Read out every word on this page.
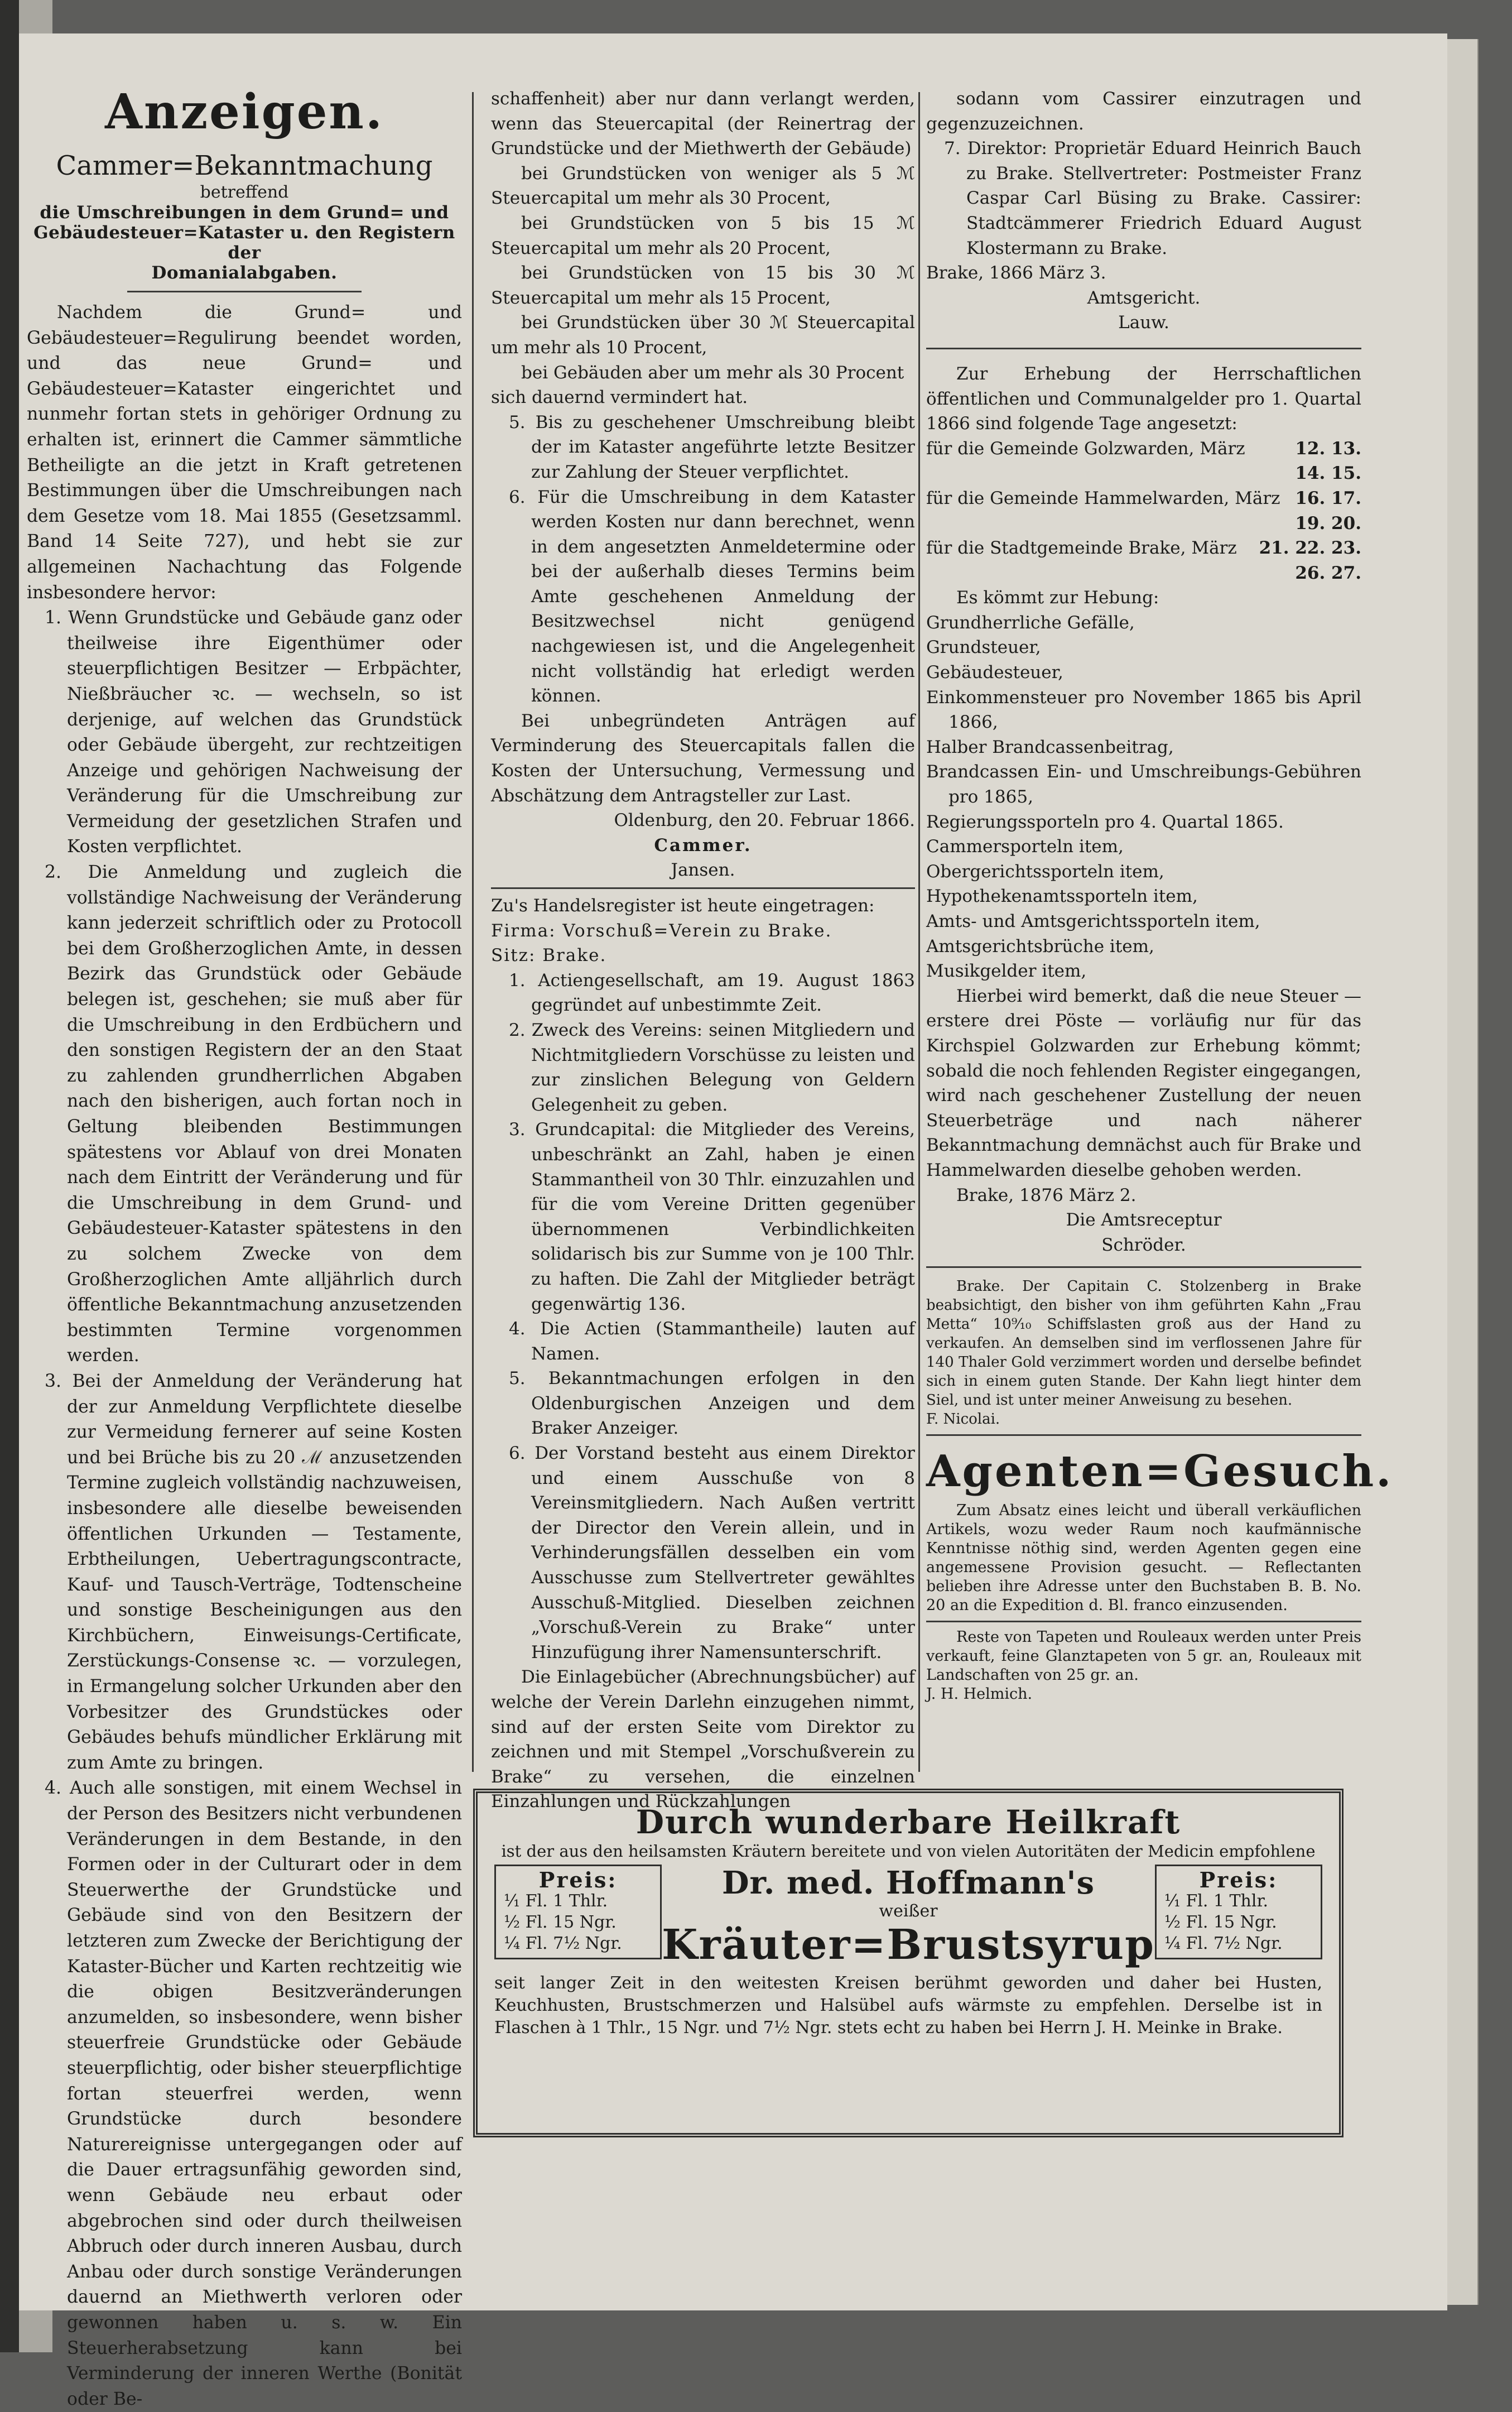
Anzeigen.
Cammer=Bekanntmachung
betreffend
die Umschreibungen in dem Grund= und
Gebäudesteuer=Kataster u. den Registern der
Domanialabgaben.

Nachdem die Grund= und Gebäudesteuer=Regulirung beendet worden, und das neue Grund= und Gebäudesteuer=Kataster eingerichtet und nunmehr fortan stets in gehöriger Ordnung zu erhalten ist, erinnert die Cammer sämmtliche Betheiligte an die jetzt in Kraft getretenen Bestimmungen über die Umschreibungen nach dem Gesetze vom 18. Mai 1855 (Gesetzsamml. Band 14 Seite 727), und hebt sie zur allgemeinen Nachachtung das Folgende insbesondere hervor:

1. Wenn Grundstücke und Gebäude ganz oder theilweise ihre Eigenthümer oder steuerpflichtigen Besitzer — Erbpächter, Nießbräucher ꝛc. — wechseln, so ist derjenige, auf welchen das Grundstück oder Gebäude übergeht, zur rechtzeitigen Anzeige und gehörigen Nachweisung der Veränderung für die Umschreibung zur Vermeidung der gesetzlichen Strafen und Kosten verpflichtet.

2. Die Anmeldung und zugleich die vollständige Nachweisung der Veränderung kann jederzeit schriftlich oder zu Protocoll bei dem Großherzoglichen Amte, in dessen Bezirk das Grundstück oder Gebäude belegen ist, geschehen; sie muß aber für die Umschreibung in den Erdbüchern und den sonstigen Registern der an den Staat zu zahlenden grundherrlichen Abgaben nach den bisherigen, auch fortan noch in Geltung bleibenden Bestimmungen spätestens vor Ablauf von drei Monaten nach dem Eintritt der Veränderung und für die Umschreibung in dem Grund- und Gebäudesteuer-Kataster spätestens in den zu solchem Zwecke von dem Großherzoglichen Amte alljährlich durch öffentliche Bekanntmachung anzusetzenden bestimmten Termine vorgenommen werden.

3. Bei der Anmeldung der Veränderung hat der zur Anmeldung Verpflichtete dieselbe zur Vermeidung fernerer auf seine Kosten und bei Brüche bis zu 20 ℳ anzusetzenden Termine zugleich vollständig nachzuweisen, insbesondere alle dieselbe beweisenden öffentlichen Urkunden — Testamente, Erbtheilungen, Uebertragungscontracte, Kauf- und Tausch-Verträge, Todtenscheine und sonstige Bescheinigungen aus den Kirchbüchern, Einweisungs-Certificate, Zerstückungs-Consense ꝛc. — vorzulegen, in Ermangelung solcher Urkunden aber den Vorbesitzer des Grundstückes oder Gebäudes behufs mündlicher Erklärung mit zum Amte zu bringen.

4. Auch alle sonstigen, mit einem Wechsel in der Person des Besitzers nicht verbundenen Veränderungen in dem Bestande, in den Formen oder in der Culturart oder in dem Steuerwerthe der Grundstücke und Gebäude sind von den Besitzern der letzteren zum Zwecke der Berichtigung der Kataster-Bücher und Karten rechtzeitig wie die obigen Besitzveränderungen anzumelden, so insbesondere, wenn bisher steuerfreie Grundstücke oder Gebäude steuerpflichtig, oder bisher steuerpflichtige fortan steuerfrei werden, wenn Grundstücke durch besondere Naturereignisse untergegangen oder auf die Dauer ertragsunfähig geworden sind, wenn Gebäude neu erbaut oder abgebrochen sind oder durch theilweisen Abbruch oder durch inneren Ausbau, durch Anbau oder durch sonstige Veränderungen dauernd an Miethwerth verloren oder gewonnen haben u. s. w. Ein Steuerherabsetzung kann bei Verminderung der inneren Werthe (Bonität oder Be-

schaffenheit) aber nur dann verlangt werden, wenn das Steuercapital (der Reinertrag der Grundstücke und der Miethwerth der Gebäude)

bei Grundstücken von weniger als 5 ℳ Steuercapital um mehr als 30 Procent,

bei Grundstücken von 5 bis 15 ℳ Steuercapital um mehr als 20 Procent,

bei Grundstücken von 15 bis 30 ℳ Steuercapital um mehr als 15 Procent,

bei Grundstücken über 30 ℳ Steuercapital um mehr als 10 Procent,

bei Gebäuden aber um mehr als 30 Procent

sich dauernd vermindert hat.

5. Bis zu geschehener Umschreibung bleibt der im Kataster angeführte letzte Besitzer zur Zahlung der Steuer verpflichtet.

6. Für die Umschreibung in dem Kataster werden Kosten nur dann berechnet, wenn in dem angesetzten Anmeldetermine oder bei der außerhalb dieses Termins beim Amte geschehenen Anmeldung der Besitzwechsel nicht genügend nachgewiesen ist, und die Angelegenheit nicht vollständig hat erledigt werden können.

Bei unbegründeten Anträgen auf Verminderung des Steuercapitals fallen die Kosten der Untersuchung, Vermessung und Abschätzung dem Antragsteller zur Last.

Oldenburg, den 20. Februar 1866.

Cammer.

Jansen.

Zu's Handelsregister ist heute eingetragen:

Firma: Vorschuß=Verein zu Brake.

Sitz: Brake.

1. Actiengesellschaft, am 19. August 1863 gegründet auf unbestimmte Zeit.

2. Zweck des Vereins: seinen Mitgliedern und Nichtmitgliedern Vorschüsse zu leisten und zur zinslichen Belegung von Geldern Gelegenheit zu geben.

3. Grundcapital: die Mitglieder des Vereins, unbeschränkt an Zahl, haben je einen Stammantheil von 30 Thlr. einzuzahlen und für die vom Vereine Dritten gegenüber übernommenen Verbindlichkeiten solidarisch bis zur Summe von je 100 Thlr. zu haften. Die Zahl der Mitglieder beträgt gegenwärtig 136.

4. Die Actien (Stammantheile) lauten auf Namen.

5. Bekanntmachungen erfolgen in den Oldenburgischen Anzeigen und dem Braker Anzeiger.

6. Der Vorstand besteht aus einem Direktor und einem Ausschuße von 8 Vereinsmitgliedern. Nach Außen vertritt der Director den Verein allein, und in Verhinderungsfällen desselben ein vom Ausschusse zum Stellvertreter gewähltes Ausschuß-Mitglied. Dieselben zeichnen „Vorschuß-Verein zu Brake“ unter Hinzufügung ihrer Namensunterschrift.

Die Einlagebücher (Abrechnungsbücher) auf welche der Verein Darlehn einzugehen nimmt, sind auf der ersten Seite vom Direktor zu zeichnen und mit Stempel „Vorschußverein zu Brake“ zu versehen, die einzelnen Einzahlungen und Rückzahlungen

sodann vom Cassirer einzutragen und gegenzuzeichnen.

7. Direktor: Proprietär Eduard Heinrich Bauch zu Brake. Stellvertreter: Postmeister Franz Caspar Carl Büsing zu Brake. Cassirer: Stadtcämmerer Friedrich Eduard August Klostermann zu Brake.

Brake, 1866 März 3.

Amtsgericht.

Lauw.

Zur Erhebung der Herrschaftlichen öffentlichen und Communalgelder pro 1. Quartal 1866 sind folgende Tage angesetzt:

für die Gemeinde Golzwarden, März	12. 13.
14. 15.
für die Gemeinde Hammelwarden, März 16. 17.
19. 20.
für die Stadtgemeinde Brake, März 21. 22. 23.
26. 27.

Es kömmt zur Hebung:

Grundherrliche Gefälle,

Grundsteuer,

Gebäudesteuer,

Einkommensteuer pro November 1865 bis April 1866,

Halber Brandcassenbeitrag,

Brandcassen Ein- und Umschreibungs-Gebühren pro 1865,

Regierungssporteln pro 4. Quartal 1865.

Cammersporteln item,

Obergerichtssporteln item,

Hypothekenamtssporteln item,

Amts- und Amtsgerichtssporteln item,

Amtsgerichtsbrüche item,

Musikgelder item,

Hierbei wird bemerkt, daß die neue Steuer — erstere drei Pöste — vorläufig nur für das Kirchspiel Golzwarden zur Erhebung kömmt; sobald die noch fehlenden Register eingegangen, wird nach geschehener Zustellung der neuen Steuerbeträge und nach näherer Bekanntmachung demnächst auch für Brake und Hammelwarden dieselbe gehoben werden.

Brake, 1876 März 2.

Die Amtsreceptur

Schröder.

Brake. Der Capitain C. Stolzenberg in Brake beabsichtigt, den bisher von ihm geführten Kahn „Frau Metta“ 10⁹⁄₁₀ Schiffslasten groß aus der Hand zu verkaufen. An demselben sind im verflossenen Jahre für 140 Thaler Gold verzimmert worden und derselbe befindet sich in einem guten Stande. Der Kahn liegt hinter dem Siel, und ist unter meiner Anweisung zu besehen.

F. Nicolai.

Agenten=Gesuch.

Zum Absatz eines leicht und überall verkäuflichen Artikels, wozu weder Raum noch kaufmännische Kenntnisse nöthig sind, werden Agenten gegen eine angemessene Provision gesucht. — Reflectanten belieben ihre Adresse unter den Buchstaben B. B. No. 20 an die Expedition d. Bl. franco einzusenden.

Reste von Tapeten und Rouleaux werden unter Preis verkauft, feine Glanztapeten von 5 gr. an, Rouleaux mit Landschaften von 25 gr. an.

J. H. Helmich.

Durch wunderbare Heilkraft
ist der aus den heilsamsten Kräutern bereitete und von vielen Autoritäten der Medicin empfohlene
Preis:
¹⁄₁ Fl. 1 Thlr.
¹⁄₂ Fl. 15 Ngr.
¹⁄₄ Fl. 7¹⁄₂ Ngr.
Dr. med. Hoffmann's
weißer
Kräuter=Brustsyrup
Preis:
¹⁄₁ Fl. 1 Thlr.
¹⁄₂ Fl. 15 Ngr.
¹⁄₄ Fl. 7¹⁄₂ Ngr.

seit langer Zeit in den weitesten Kreisen berühmt geworden und daher bei Husten, Keuchhusten, Brustschmerzen und Halsübel aufs wärmste zu empfehlen. Derselbe ist in Flaschen à 1 Thlr., 15 Ngr. und 7¹⁄₂ Ngr. stets echt zu haben bei Herrn J. H. Meinke in Brake.
